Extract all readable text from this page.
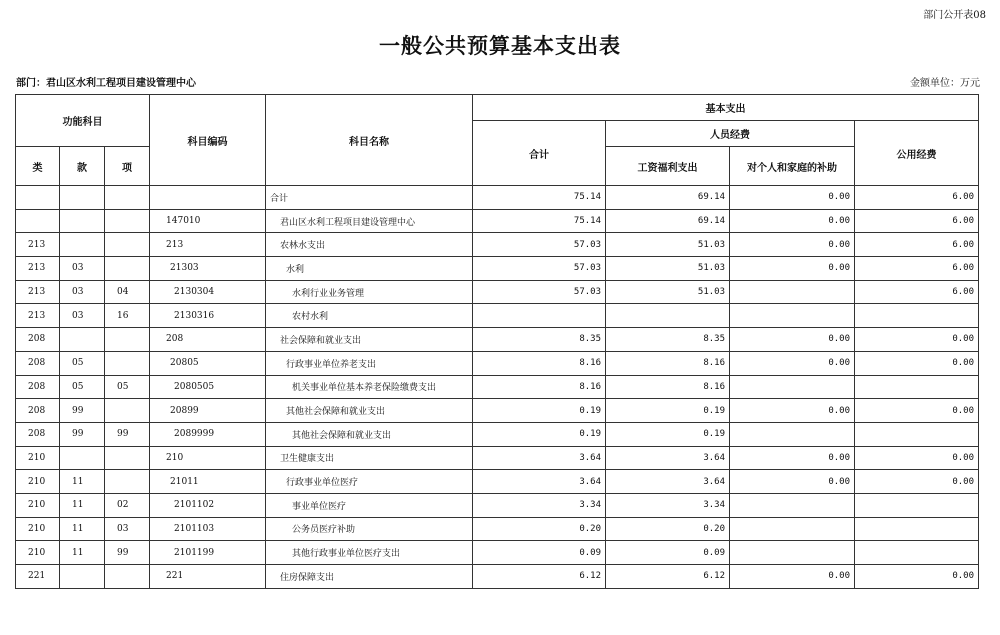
部门公开表08
一般公共预算基本支出表
部门：君山区水利工程项目建设管理中心	金额单位：万元
功能科目			科目编码	科目名称	基本支出			
					合计	人员经费		公用经费
类	款	项				工资福利支出	对个人和家庭的补助	
				合计	75.14	69.14	0.00	6.00
			147010	君山区水利工程项目建设管理中心	75.14	69.14	0.00	6.00
213			213	农林水支出	57.03	51.03	0.00	6.00
213	03		21303	水利	57.03	51.03	0.00	6.00
213	03	04	2130304	水利行业业务管理	57.03	51.03		6.00
213	03	16	2130316	农村水利				
208			208	社会保障和就业支出	8.35	8.35	0.00	0.00
208	05		20805	行政事业单位养老支出	8.16	8.16	0.00	0.00
208	05	05	2080505	机关事业单位基本养老保险缴费支出	8.16	8.16		
208	99		20899	其他社会保障和就业支出	0.19	0.19	0.00	0.00
208	99	99	2089999	其他社会保障和就业支出	0.19	0.19		
210			210	卫生健康支出	3.64	3.64	0.00	0.00
210	11		21011	行政事业单位医疗	3.64	3.64	0.00	0.00
210	11	02	2101102	事业单位医疗	3.34	3.34		
210	11	03	2101103	公务员医疗补助	0.20	0.20		
210	11	99	2101199	其他行政事业单位医疗支出	0.09	0.09		
221			221	住房保障支出	6.12	6.12	0.00	0.00
